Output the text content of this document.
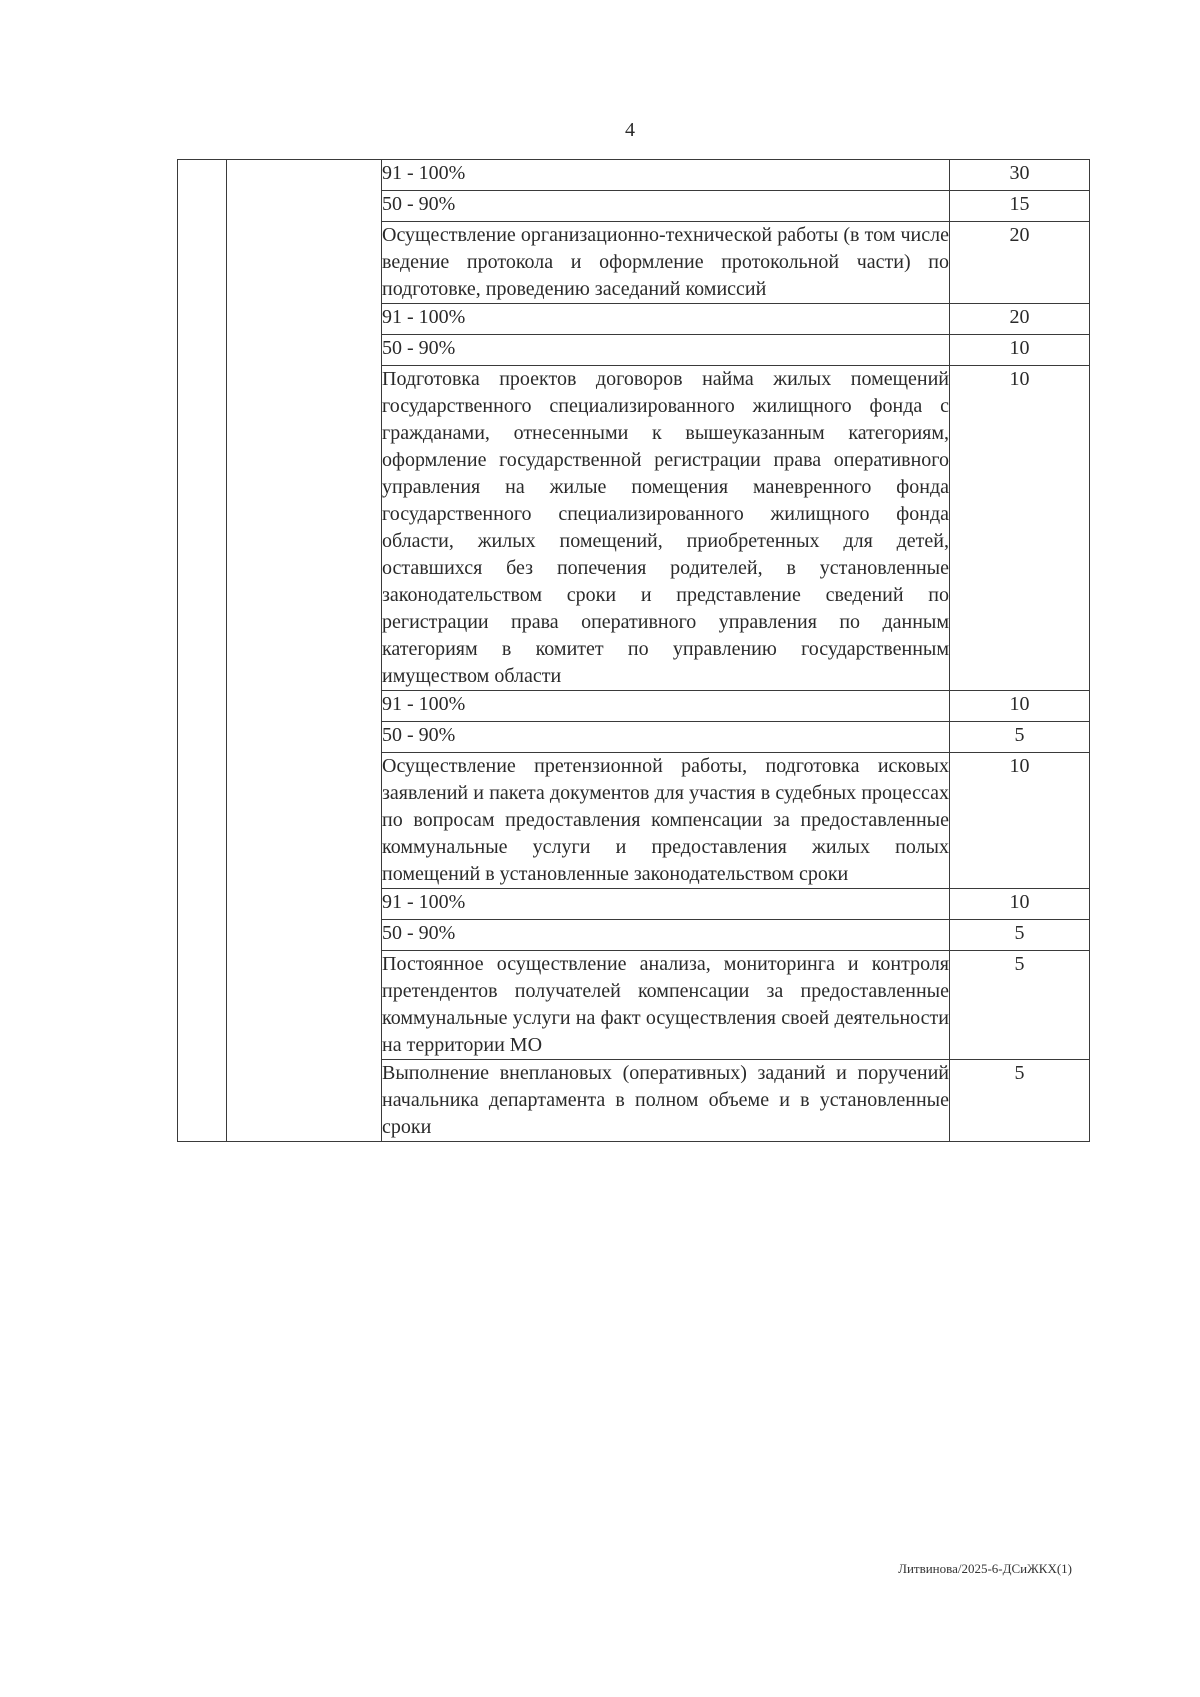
4
		91 - 100%	30
		50 - 90%	15
		Осуществление организационно-технической работы (в том числе ведение протокола и оформление протокольной части) по подготовке, проведению заседаний комиссий	20
		91 - 100%	20
		50 - 90%	10
		Подготовка проектов договоров найма жилых помещений государственного специализированного жилищного фонда с гражданами, отнесенными к вышеуказанным категориям, оформление государственной регистрации права оперативного управления на жилые помещения маневренного фонда государственного специализированного жилищного фонда области, жилых помещений, приобретенных для детей, оставшихся без попечения родителей, в установленные законодательством сроки и представление сведений по регистрации права оперативного управления по данным категориям в комитет по управлению государственным имуществом области	10
		91 - 100%	10
		50 - 90%	5
		Осуществление претензионной работы, подготовка исковых заявлений и пакета документов для участия в судебных процессах по вопросам предоставления компенсации за предоставленные коммунальные услуги и предоставления жилых полых помещений в установленные законодательством сроки	10
		91 - 100%	10
		50 - 90%	5
		Постоянное осуществление анализа, мониторинга и контроля претендентов получателей компенсации за предоставленные коммунальные услуги на факт осуществления своей деятельности на территории МО	5
		Выполнение внеплановых (оперативных) заданий и поручений начальника департамента в полном объеме и в установленные сроки	5
Литвинова/2025-6-ДСиЖКХ(1)
